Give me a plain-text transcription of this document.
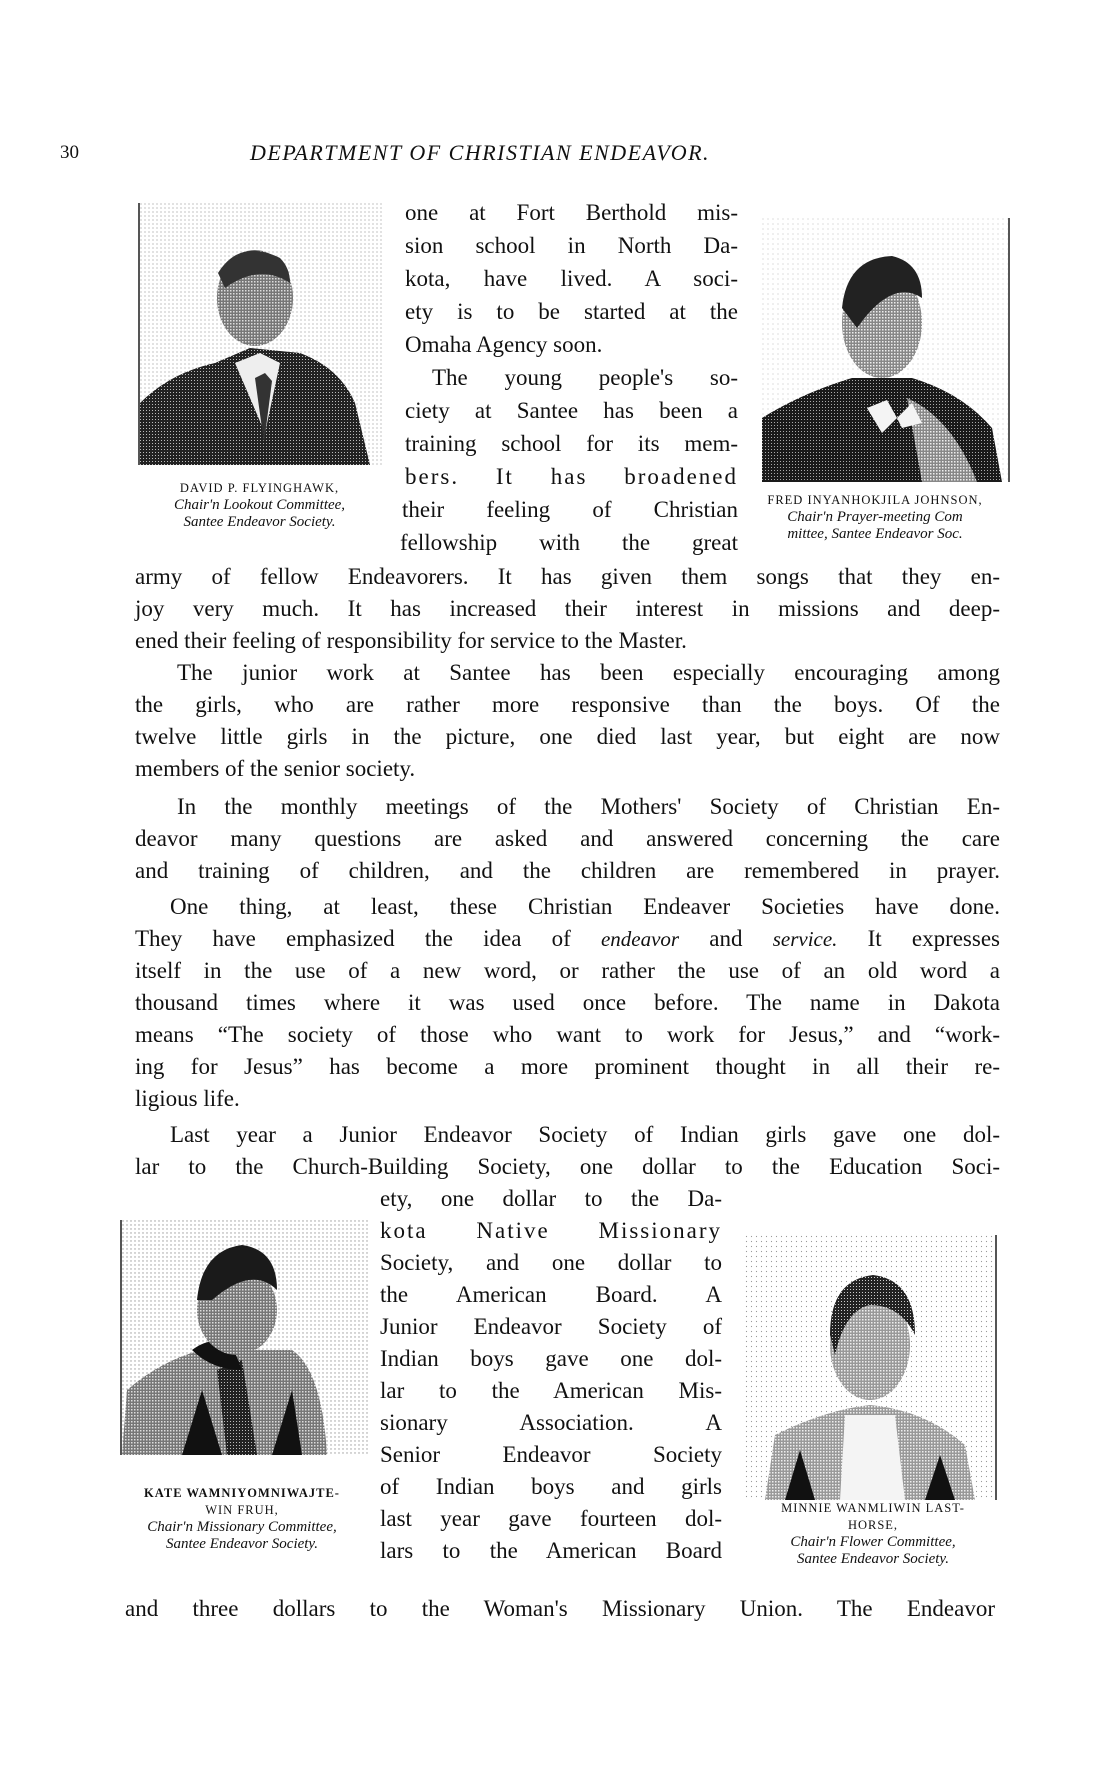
30	DEPARTMENT OF CHRISTIAN ENDEAVOR.
DAVID P. FLYINGHAWK,
Chair'n Lookout Committee,
Santee Endeavor Society.
FRED INYANHOKJILA JOHNSON,
Chair'n Prayer-meeting Com
mittee, Santee Endeavor Soc.
one at Fort Berthold mis-
sion school in North Da-
kota, have lived. A soci-
ety is to be started at the
Omaha Agency soon.
The young people's so-
ciety at Santee has been a
training school for its mem-
bers. It has broadened
their feeling of Christian
fellowship with the great
army of fellow Endeavorers. It has given them songs that they en-
joy very much. It has increased their interest in missions and deep-
ened their feeling of responsibility for service to the Master.
The junior work at Santee has been especially encouraging among
the girls, who are rather more responsive than the boys. Of the
twelve little girls in the picture, one died last year, but eight are now
members of the senior society.
In the monthly meetings of the Mothers' Society of Christian En-
deavor many questions are asked and answered concerning the care
and training of children, and the children are remembered in prayer.
One thing, at least, these Christian Endeaver Societies have done.
They have emphasized the idea of endeavor and service. It expresses
itself in the use of a new word, or rather the use of an old word a
thousand times where it was used once before. The name in Dakota
means “The society of those who want to work for Jesus,” and “work-
ing for Jesus” has become a more prominent thought in all their re-
ligious life.
Last year a Junior Endeavor Society of Indian girls gave one dol-
lar to the Church-Building Society, one dollar to the Education Soci-
KATE WAMNIYOMNIWAJTE-
WIN FRUH,
Chair'n Missionary Committee,
Santee Endeavor Society.
ety, one dollar to the Da-
kota Native Missionary
Society, and one dollar to
the American Board. A
Junior Endeavor Society of
Indian boys gave one dol-
lar to the American Mis-
sionary Association. A
Senior Endeavor Society
of Indian boys and girls
last year gave fourteen dol-
lars to the American Board
MINNIE WANMLIWIN LAST-
HORSE,
Chair'n Flower Committee,
Santee Endeavor Society.
and three dollars to the Woman's Missionary Union. The Endeavor
